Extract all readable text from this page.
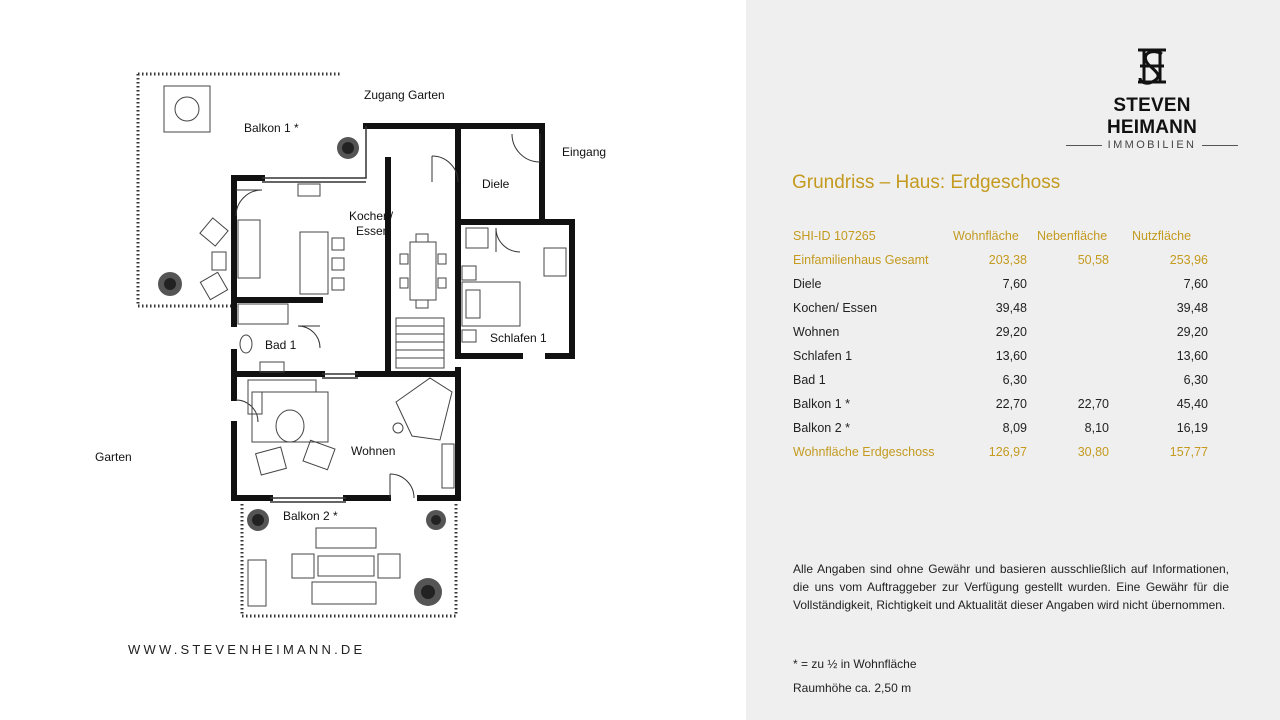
Zugang Garten
Balkon 1 *
Eingang
Diele
Kochen/
Essen
Bad 1	Schlafen 1
Wohnen
Garten
Balkon 2 *
WWW.STEVENHEIMANN.DE
STEVEN HEIMANN
IMMOBILIEN
Grundriss – Haus: Erdgeschoss
SHI-ID 107265	Wohnfläche	Nebenfläche	Nutzfläche
Einfamilienhaus Gesamt	203,38	50,58	253,96
Diele	7,60		7,60
Kochen/ Essen	39,48		39,48
Wohnen	29,20		29,20
Schlafen 1	13,60		13,60
Bad 1	6,30		6,30
Balkon 1 *	22,70	22,70	45,40
Balkon 2 *	8,09	8,10	16,19
Wohnfläche Erdgeschoss	126,97	30,80	157,77
Alle Angaben sind ohne Gewähr und basieren ausschließlich auf Informationen, die uns vom Auftraggeber zur Verfügung gestellt wurden. Eine Gewähr für die Vollständigkeit, Richtigkeit und Aktualität dieser Angaben wird nicht übernommen.
* = zu ½ in Wohnfläche
Raumhöhe ca. 2,50 m
